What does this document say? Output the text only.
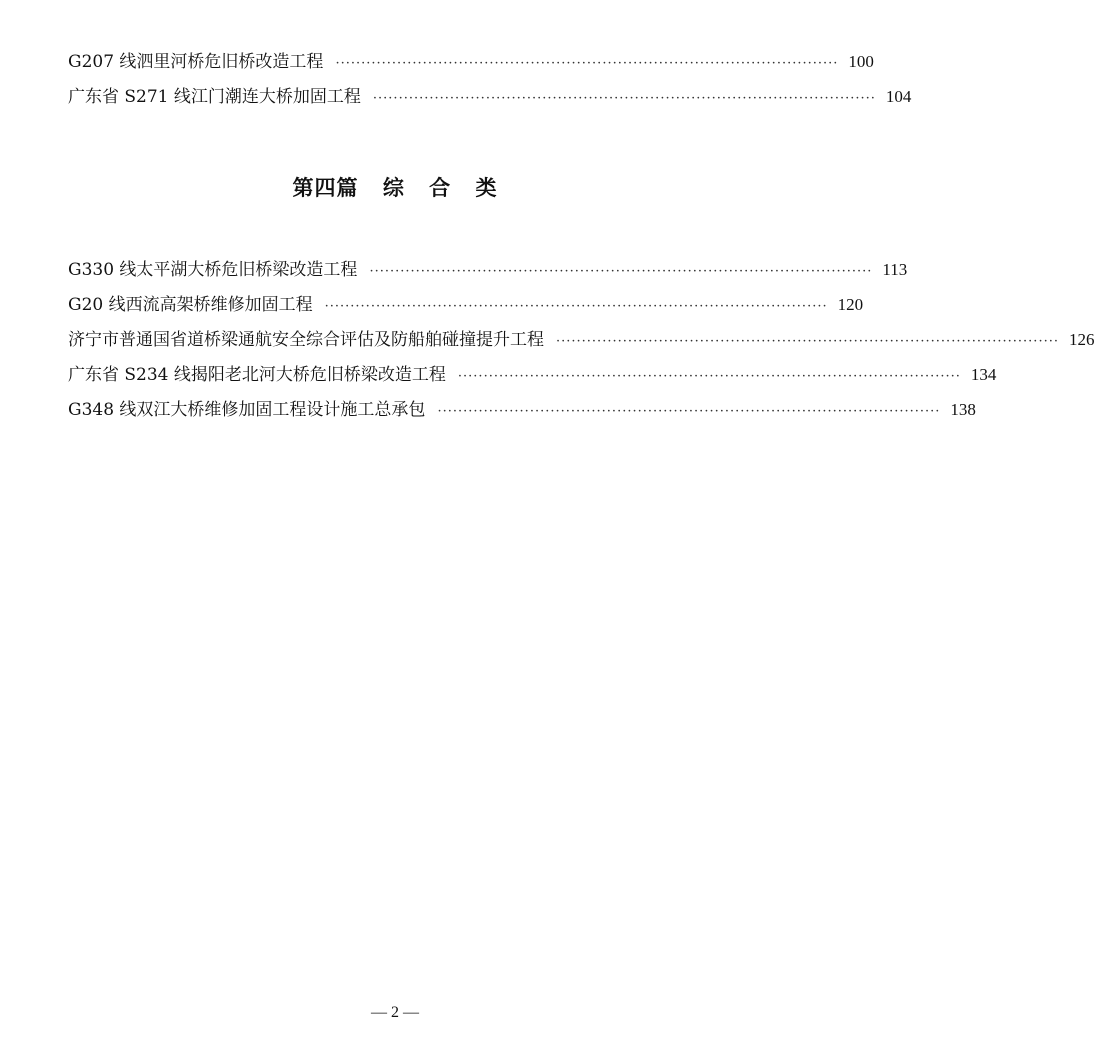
G207 线泗里河桥危旧桥改造工程 ·································································································· 100
广东省 S271 线江门潮连大桥加固工程 ·································································································· 104
第四篇 综 合 类
G330 线太平湖大桥危旧桥梁改造工程 ·································································································· 113
G20 线西流高架桥维修加固工程 ·································································································· 120
济宁市普通国省道桥梁通航安全综合评估及防船舶碰撞提升工程 ·································································································· 126
广东省 S234 线揭阳老北河大桥危旧桥梁改造工程 ·································································································· 134
G348 线双江大桥维修加固工程设计施工总承包 ·································································································· 138
— 2 —
